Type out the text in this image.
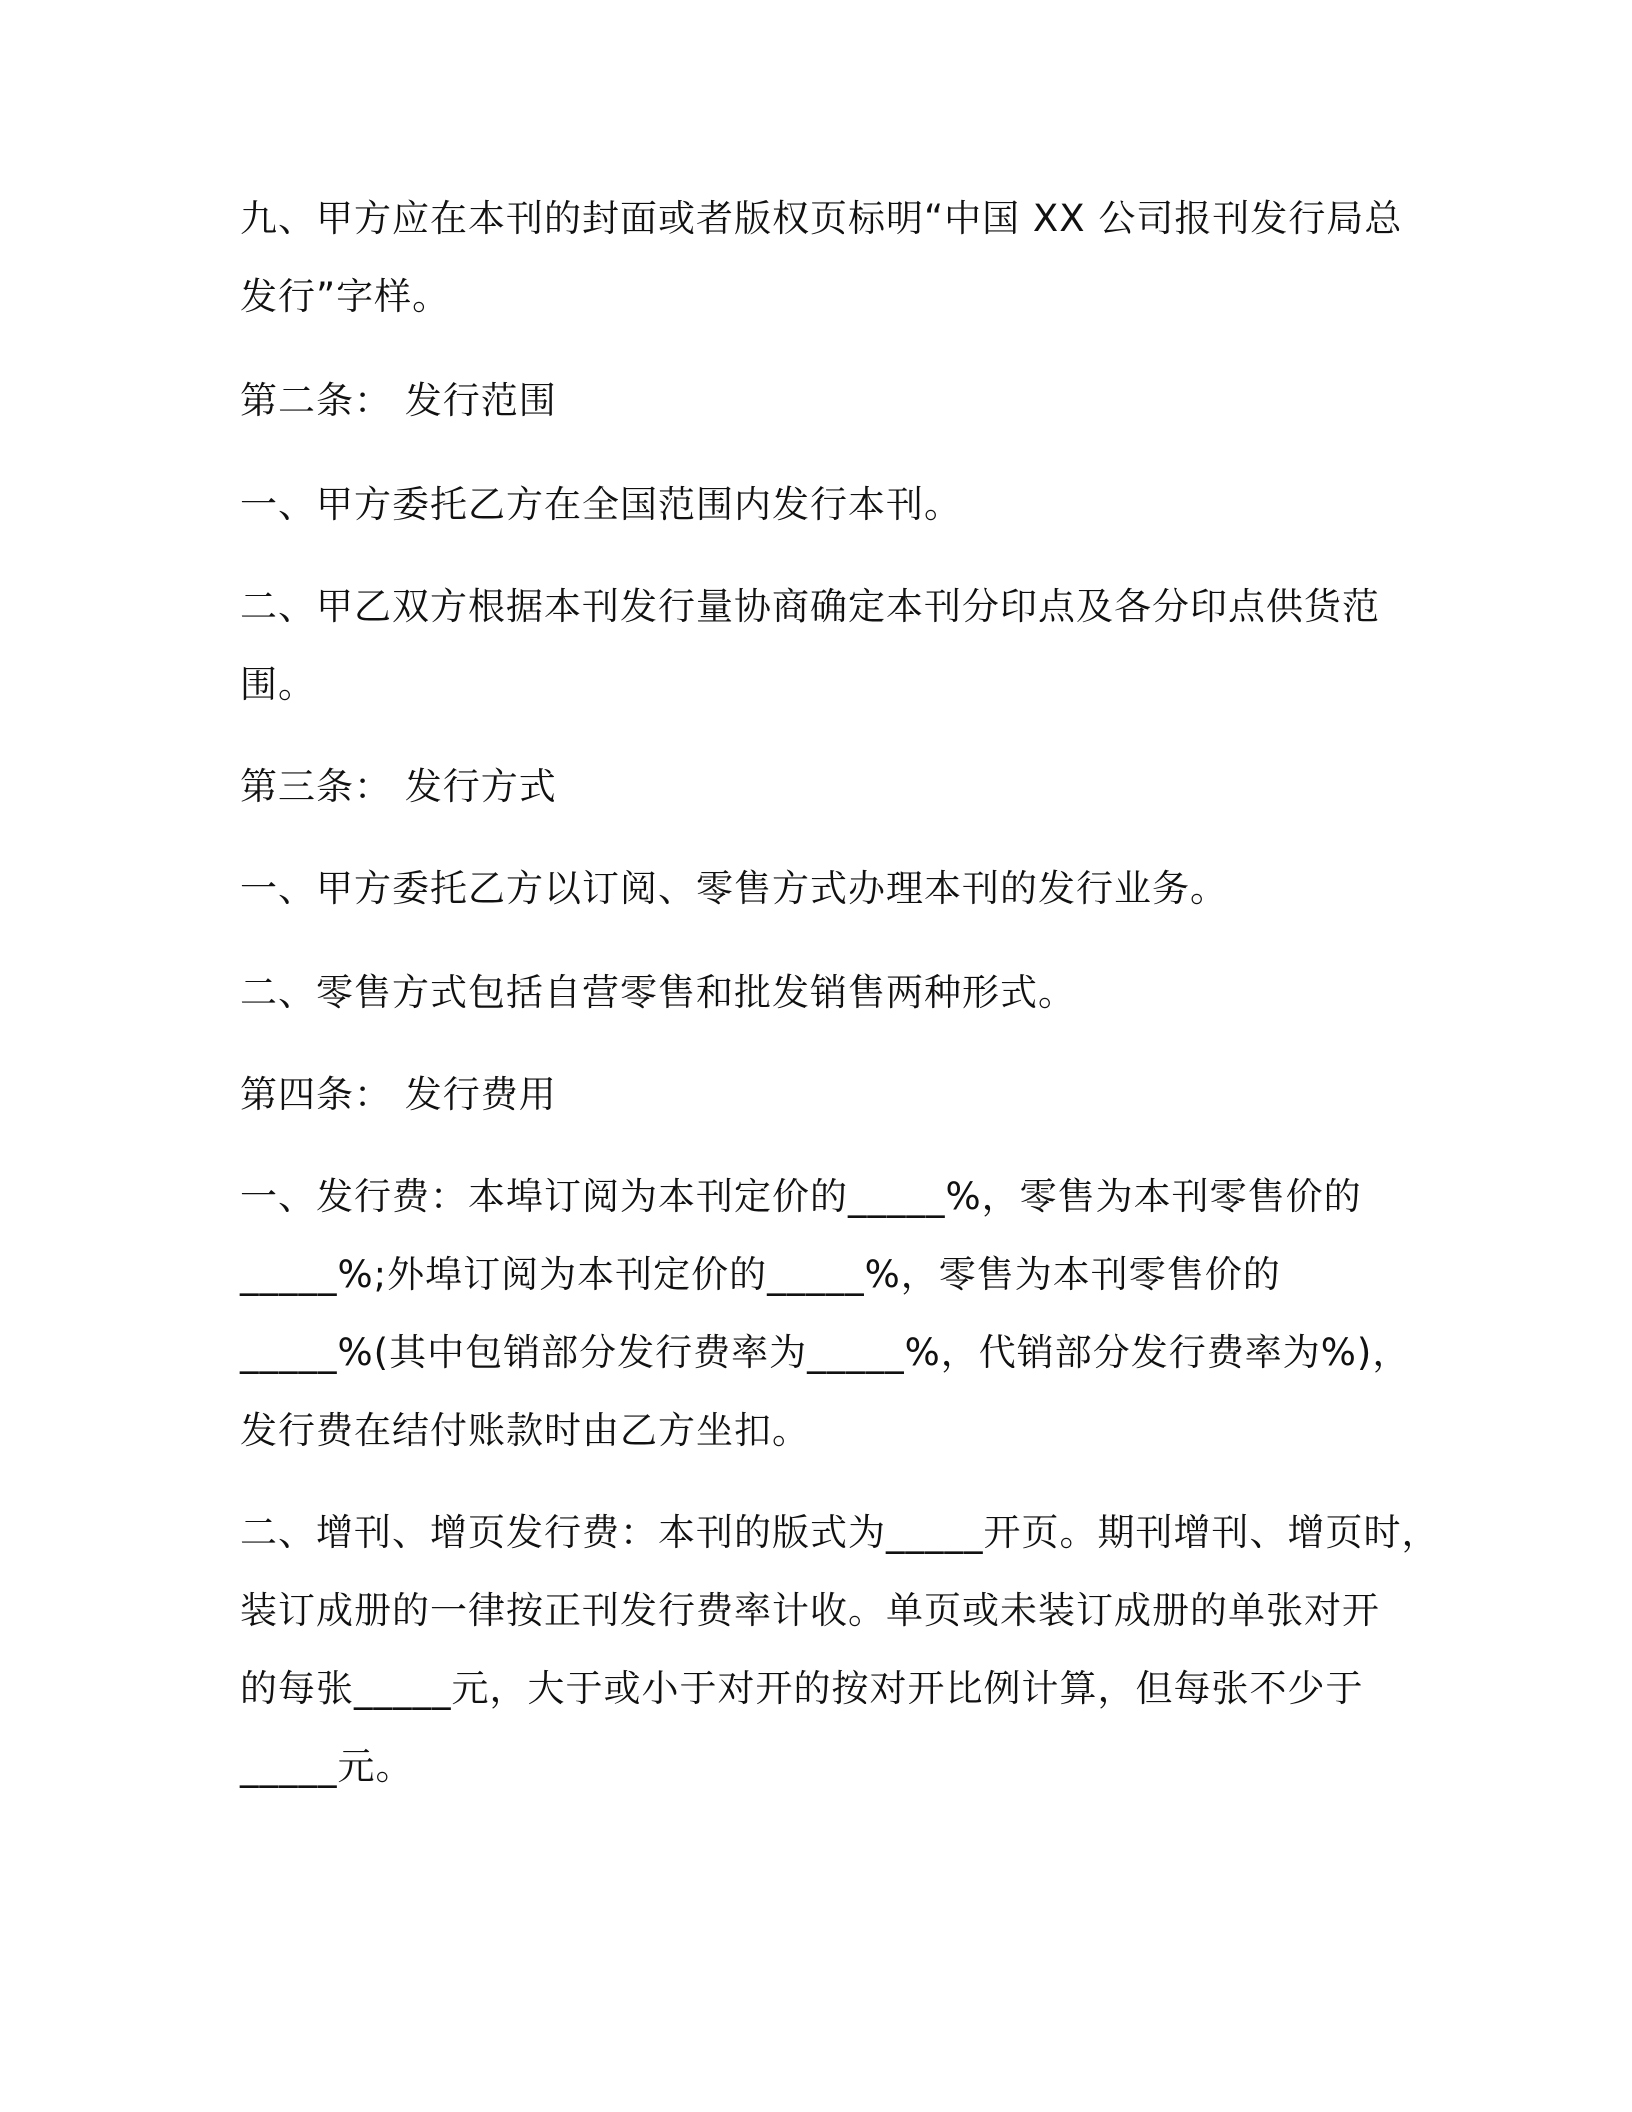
九、甲方应在本刊的封面或者版权页标明“中国 XX 公司报刊发行局总
发行”字样。
第二条： 发行范围
一、甲方委托乙方在全国范围内发行本刊。
二、甲乙双方根据本刊发行量协商确定本刊分印点及各分印点供货范
围。
第三条： 发行方式
一、甲方委托乙方以订阅、零售方式办理本刊的发行业务。
二、零售方式包括自营零售和批发销售两种形式。
第四条： 发行费用
一、发行费：本埠订阅为本刊定价的_____%，零售为本刊零售价的
_____%;外埠订阅为本刊定价的_____%，零售为本刊零售价的
_____%(其中包销部分发行费率为_____%，代销部分发行费率为%)，
发行费在结付账款时由乙方坐扣。
二、增刊、增页发行费：本刊的版式为_____开页。期刊增刊、增页时，
装订成册的一律按正刊发行费率计收。单页或未装订成册的单张对开
的每张_____元，大于或小于对开的按对开比例计算，但每张不少于
_____元。
